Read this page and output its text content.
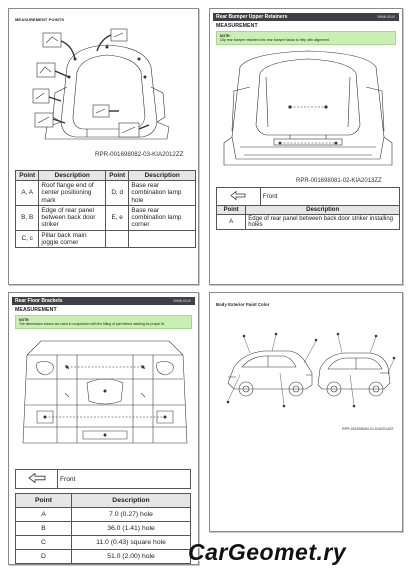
MEASUREMENT POINTS
RPR-001698082-03-KIA2012ZZ
Point	Description	Point	Description
A, A	Roof flange end of center positioning mark	D, d	Base rear combination lamp hole
B, B	Edge of rear panel between back door striker	E, e	Base rear combination lamp corner
C, c	Pillar back main joggle corner		
Rear Bumper Upper Retainers	BHMUGU0
MEASUREMENT
NOTE:
Clip rear bumper retainers into rear bumper fascia to help with alignment.
RPR-001698081-02-KIA2013ZZ
	Front
Point	Description
A	Edge of rear panel between back door striker installing holes
Rear Floor Brackets	BHMUGU0
MEASUREMENT
NOTE:
The dimensions shown are used in conjunction with the fitting of part before welding for proper fit.
	Front
Point	Description
A	7.0 (0.27) hole
B	36.0 (1.41) hole
C	11.0 (0.43) square hole
D	51.0 (2.00) hole
Body Exterior Paint Color
RPR-001698084-01-KIA2014ZZ
CarGeomet.ry
